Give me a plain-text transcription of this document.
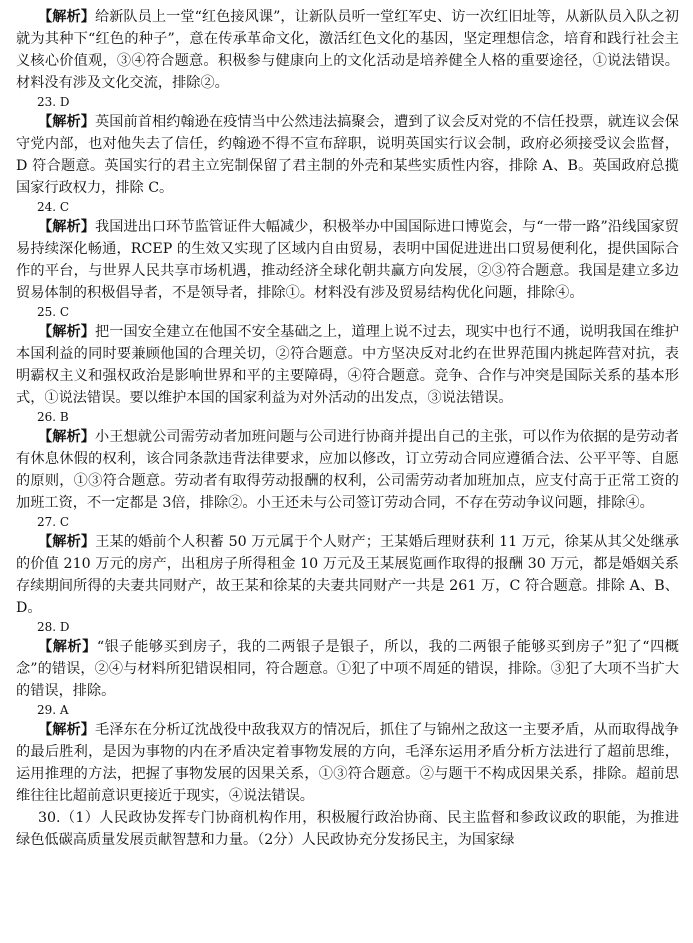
【解析】给新队员上一堂“红色接风课”，让新队员听一堂红军史、访一次红旧址等，从新队员入队之初就为其种下“红色的种子”，意在传承革命文化，激活红色文化的基因，坚定理想信念，培育和践行社会主义核心价值观，③④符合题意。积极参与健康向上的文化活动是培养健全人格的重要途径，①说法错误。材料没有涉及文化交流，排除②。

23. D

【解析】英国前首相约翰逊在疫情当中公然违法搞聚会，遭到了议会反对党的不信任投票，就连议会保守党内部，也对他失去了信任，约翰逊不得不宣布辞职，说明英国实行议会制，政府必须接受议会监督，D 符合题意。英国实行的君主立宪制保留了君主制的外壳和某些实质性内容，排除 A、B。英国政府总揽国家行政权力，排除 C。

24. C

【解析】我国进出口环节监管证件大幅减少，积极举办中国国际进口博览会，与“一带一路”沿线国家贸易持续深化畅通，RCEP 的生效又实现了区域内自由贸易，表明中国促进进出口贸易便利化，提供国际合作的平台，与世界人民共享市场机遇，推动经济全球化朝共赢方向发展，②③符合题意。我国是建立多边贸易体制的积极倡导者，不是领导者，排除①。材料没有涉及贸易结构优化问题，排除④。

25. C

【解析】把一国安全建立在他国不安全基础之上，道理上说不过去，现实中也行不通，说明我国在维护本国利益的同时要兼顾他国的合理关切，②符合题意。中方坚决反对北约在世界范围内挑起阵营对抗，表明霸权主义和强权政治是影响世界和平的主要障碍，④符合题意。竞争、合作与冲突是国际关系的基本形式，①说法错误。要以维护本国的国家利益为对外活动的出发点，③说法错误。

26. B

【解析】小王想就公司需劳动者加班问题与公司进行协商并提出自己的主张，可以作为依据的是劳动者有休息休假的权利，该合同条款违背法律要求，应加以修改，订立劳动合同应遵循合法、公平平等、自愿的原则，①③符合题意。劳动者有取得劳动报酬的权利，公司需劳动者加班加点，应支付高于正常工资的加班工资，不一定都是 3倍，排除②。小王还未与公司签订劳动合同，不存在劳动争议问题，排除④。

27. C

【解析】王某的婚前个人积蓄 50 万元属于个人财产；王某婚后理财获利 11 万元，徐某从其父处继承的价值 210 万元的房产，出租房子所得租金 10 万元及王某展览画作取得的报酬 30 万元，都是婚姻关系存续期间所得的夫妻共同财产，故王某和徐某的夫妻共同财产一共是 261 万，C 符合题意。排除 A、B、D。

28. D

【解析】“银子能够买到房子，我的二两银子是银子，所以，我的二两银子能够买到房子”犯了“四概念”的错误，②④与材料所犯错误相同，符合题意。①犯了中项不周延的错误，排除。③犯了大项不当扩大的错误，排除。

29. A

【解析】毛泽东在分析辽沈战役中敌我双方的情况后，抓住了与锦州之敌这一主要矛盾，从而取得战争的最后胜利，是因为事物的内在矛盾决定着事物发展的方向，毛泽东运用矛盾分析方法进行了超前思维，运用推理的方法，把握了事物发展的因果关系，①③符合题意。②与题干不构成因果关系，排除。超前思维往往比超前意识更接近于现实，④说法错误。

30.（1）人民政协发挥专门协商机构作用，积极履行政治协商、民主监督和参政议政的职能，为推进绿色低碳高质量发展贡献智慧和力量。（2分）人民政协充分发扬民主，为国家绿
